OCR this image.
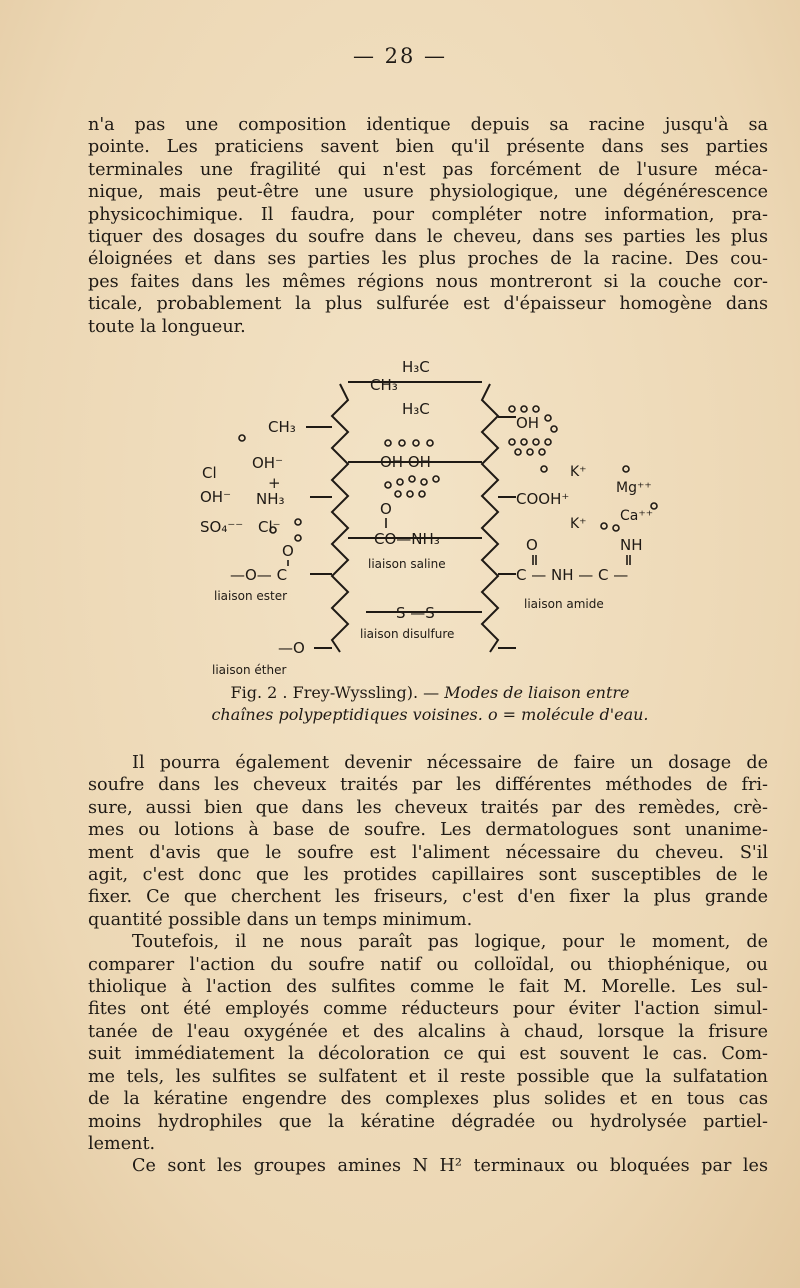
— 28 —
n'a pas une composition identique depuis sa racine jusqu'à sa
pointe. Les praticiens savent bien qu'il présente dans ses parties
terminales une fragilité qui n'est pas forcément de l'usure méca-
nique, mais peut-être une usure physiologique, une dégénérescence
physicochimique. Il faudra, pour compléter notre information, pra-
tiquer des dosages du soufre dans le cheveu, dans ses parties les plus
éloignées et dans ses parties les plus proches de la racine. Des cou-
pes faites dans les mêmes régions nous montreront si la couche cor-
ticale, probablement la plus sulfurée est d'épaisseur homogène dans
toute la longueur.
H₃C
CH₃
H₃C
CH₃
OH⁻
+
Cl
OH⁻ NH₃
SO₄⁻⁻ Cl⁻
O
—O— C
liaison ester
—O
liaison éther
OH OH
O
CO—NH₃
liaison saline
S —S
liaison disulfure
OH
K⁺
Mg⁺⁺
COOH⁺
K⁺ Ca⁺⁺
O	NH
C — NH — C —
liaison amide
Fig. 2 . Frey-Wyssling). — Modes de liaison entre
chaînes polypeptidiques voisines. o = molécule d'eau.
Il pourra également devenir nécessaire de faire un dosage de
soufre dans les cheveux traités par les différentes méthodes de fri-
sure, aussi bien que dans les cheveux traités par des remèdes, crè-
mes ou lotions à base de soufre. Les dermatologues sont unanime-
ment d'avis que le soufre est l'aliment nécessaire du cheveu. S'il
agit, c'est donc que les protides capillaires sont susceptibles de le
fixer. Ce que cherchent les friseurs, c'est d'en fixer la plus grande
quantité possible dans un temps minimum.
Toutefois, il ne nous paraît pas logique, pour le moment, de
comparer l'action du soufre natif ou colloïdal, ou thiophénique, ou
thiolique à l'action des sulfites comme le fait M. Morelle. Les sul-
fites ont été employés comme réducteurs pour éviter l'action simul-
tanée de l'eau oxygénée et des alcalins à chaud, lorsque la frisure
suit immédiatement la décoloration ce qui est souvent le cas. Com-
me tels, les sulfites se sulfatent et il reste possible que la sulfatation
de la kératine engendre des complexes plus solides et en tous cas
moins hydrophiles que la kératine dégradée ou hydrolysée partiel-
lement.
Ce sont les groupes amines N H² terminaux ou bloquées par les
